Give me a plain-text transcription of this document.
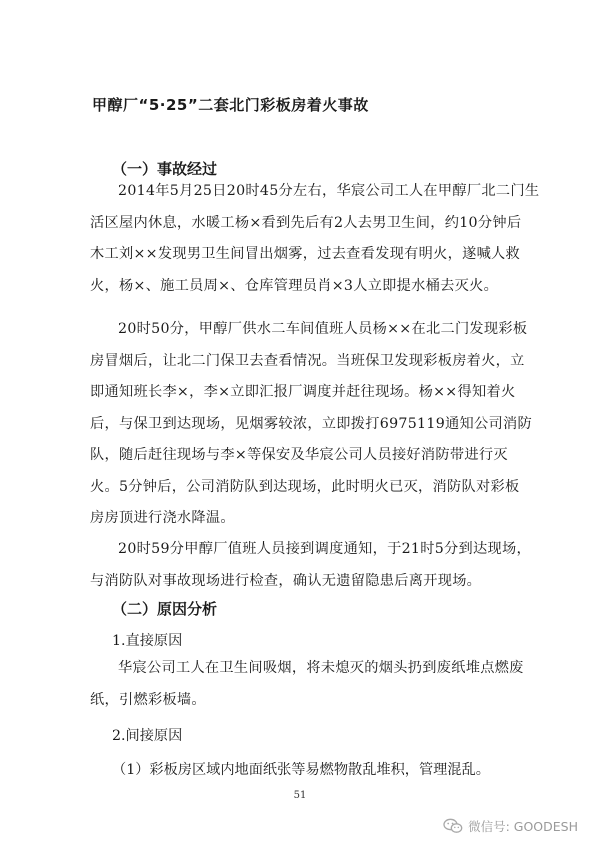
甲醇厂“5·25”二套北门彩板房着火事故
（一）事故经过
2014年5月25日20时45分左右，华宸公司工人在甲醇厂北二门生
活区屋内休息，水暖工杨×看到先后有2人去男卫生间，约10分钟后
木工刘××发现男卫生间冒出烟雾，过去查看发现有明火，遂喊人救
火，杨×、施工员周×、仓库管理员肖×3人立即提水桶去灭火。
20时50分，甲醇厂供水二车间值班人员杨××在北二门发现彩板
房冒烟后，让北二门保卫去查看情况。当班保卫发现彩板房着火，立
即通知班长李×，李×立即汇报厂调度并赶往现场。杨××得知着火
后，与保卫到达现场，见烟雾较浓，立即拨打6975119通知公司消防
队，随后赶往现场与李×等保安及华宸公司人员接好消防带进行灭
火。5分钟后，公司消防队到达现场，此时明火已灭，消防队对彩板
房房顶进行浇水降温。
20时59分甲醇厂值班人员接到调度通知，于21时5分到达现场，
与消防队对事故现场进行检查，确认无遗留隐患后离开现场。
（二）原因分析
1.直接原因
华宸公司工人在卫生间吸烟，将未熄灭的烟头扔到废纸堆点燃废
纸，引燃彩板墙。
2.间接原因
（1）彩板房区域内地面纸张等易燃物散乱堆积，管理混乱。
51
微信号: GOODESH
